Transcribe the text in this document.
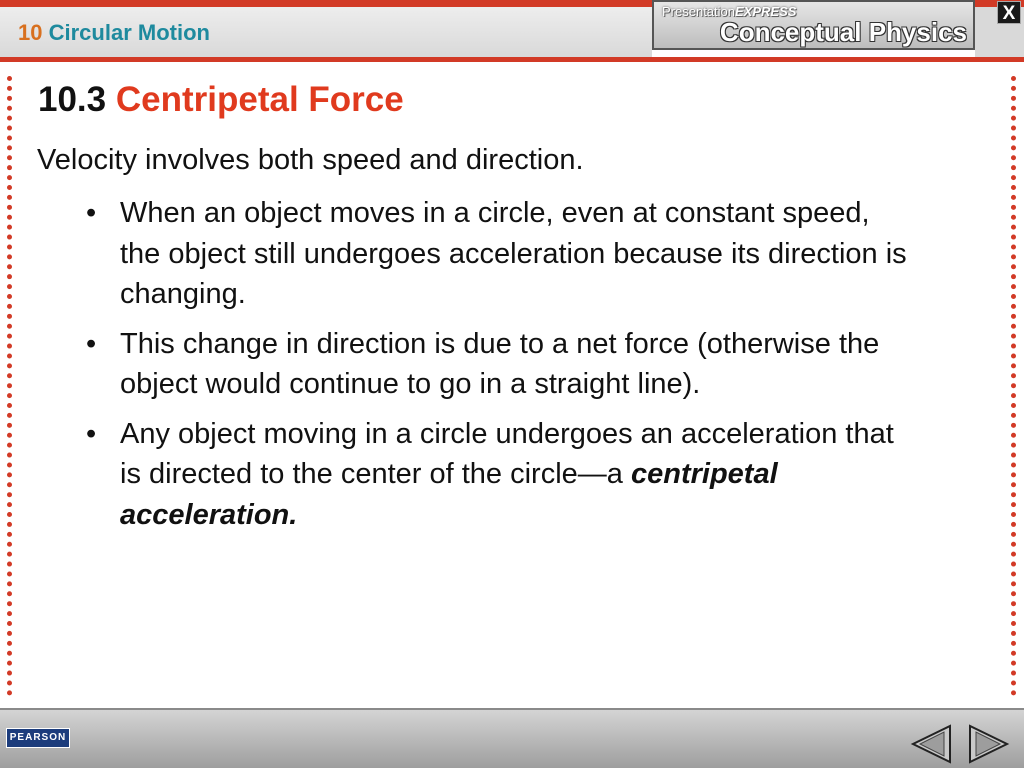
10 Circular Motion
PresentationEXPRESS
Conceptual Physics
X
10.3 Centripetal Force
Velocity involves both speed and direction.
• When an object moves in a circle, even at constant speed, the object still undergoes acceleration because its direction is changing.
• This change in direction is due to a net force (otherwise the object would continue to go in a straight line).
• Any object moving in a circle undergoes an acceleration that is directed to the center of the circle—a centripetal acceleration.
PEARSON
